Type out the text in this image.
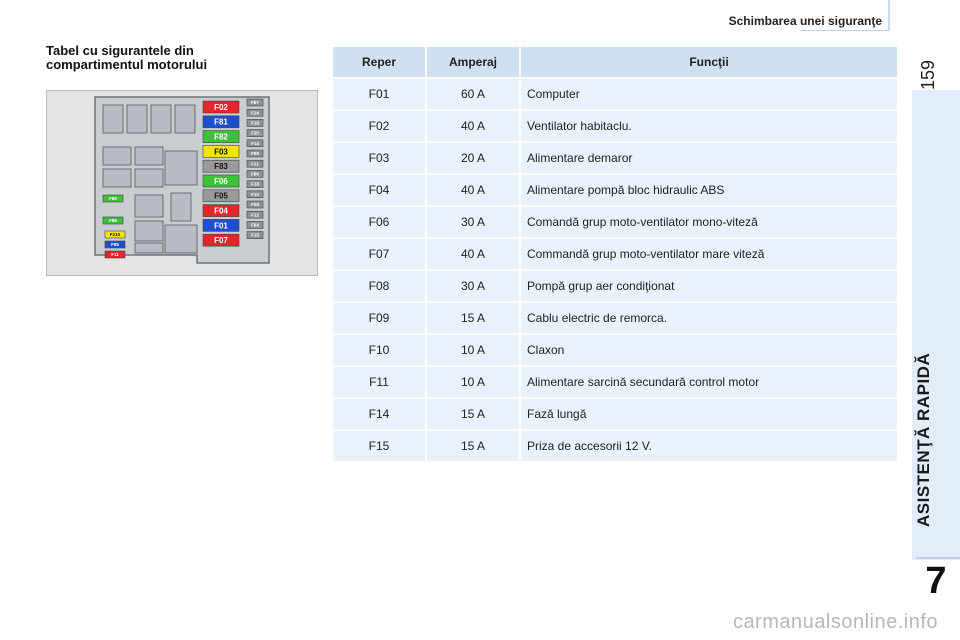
Schimbarea unei siguranţe
159
ASISTENŢĂ RAPIDĂ
7
Tabel cu sigurantele din
compartimentul motorului
F02
F81
F82
F03
F83
F06
F05
F04
F01
F07
F87
F24
F16
F20
F14
F09
F21
F86
F18
F10
F08
F12
F84
F15
F80
F88
F210
F85
F11
Reper	Amperaj	Funcţii
F01	60 A	Computer
F02	40 A	Ventilator habitaclu.
F03	20 A	Alimentare demaror
F04	40 A	Alimentare pompă bloc hidraulic ABS
F06	30 A	Comandă grup moto-ventilator mono-viteză
F07	40 A	Commandă grup moto-ventilator mare viteză
F08	30 A	Pompă grup aer condiţionat
F09	15 A	Cablu electric de remorca.
F10	10 A	Claxon
F11	10 A	Alimentare sarcină secundară control motor
F14	15 A	Fază lungă
F15	15 A	Priza de accesorii 12 V.
carmanualsonline.info
